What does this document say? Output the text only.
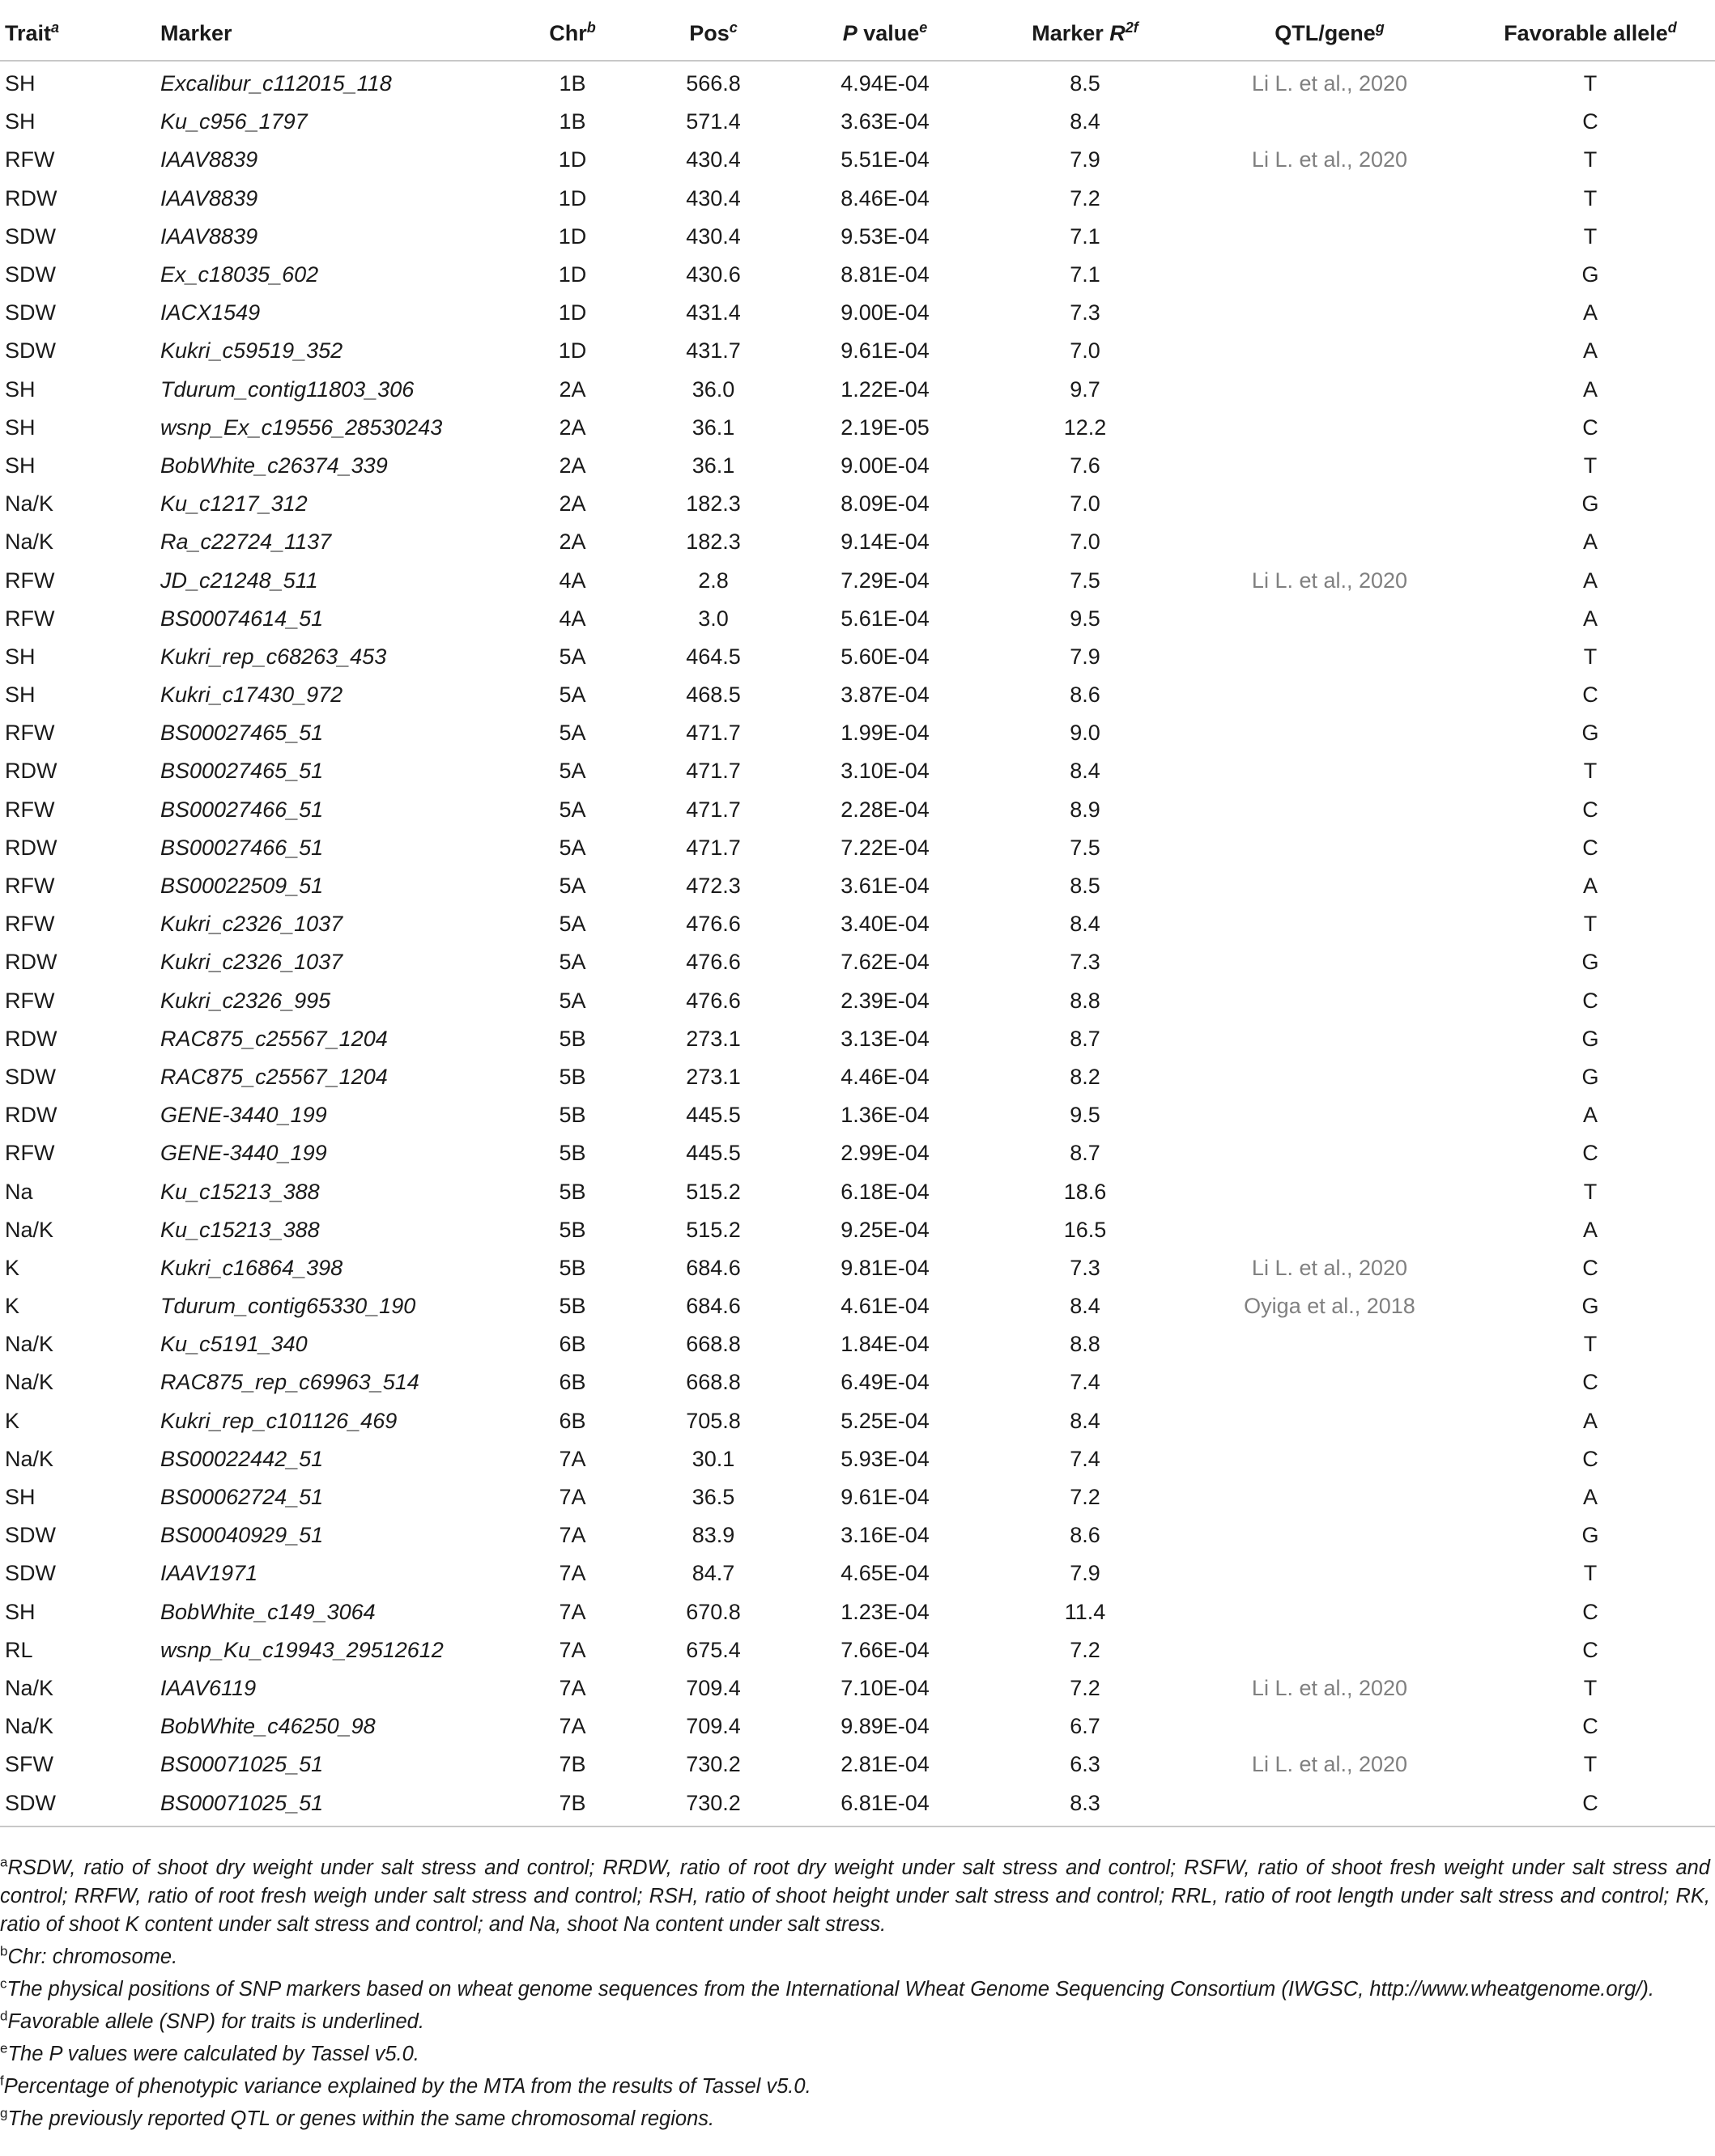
Trait$^a$	Marker	Chr$^b$	Pos$^c$	P value$^e$	Marker $R^{2f}$	QTL/gene$^g$	Favorable allele$^d$
SH	Excalibur_c112015_118	1B	566.8	4.94E-04	8.5	Li L. et al., 2020	T
SH	Ku_c956_1797	1B	571.4	3.63E-04	8.4		C
RFW	IAAV8839	1D	430.4	5.51E-04	7.9	Li L. et al., 2020	T
RDW	IAAV8839	1D	430.4	8.46E-04	7.2		T
SDW	IAAV8839	1D	430.4	9.53E-04	7.1		T
SDW	Ex_c18035_602	1D	430.6	8.81E-04	7.1		G
SDW	IACX1549	1D	431.4	9.00E-04	7.3		A
SDW	Kukri_c59519_352	1D	431.7	9.61E-04	7.0		A
SH	Tdurum_contig11803_306	2A	36.0	1.22E-04	9.7		A
SH	wsnp_Ex_c19556_28530243	2A	36.1	2.19E-05	12.2		C
SH	BobWhite_c26374_339	2A	36.1	9.00E-04	7.6		T
Na/K	Ku_c1217_312	2A	182.3	8.09E-04	7.0		G
Na/K	Ra_c22724_1137	2A	182.3	9.14E-04	7.0		A
RFW	JD_c21248_511	4A	2.8	7.29E-04	7.5	Li L. et al., 2020	A
RFW	BS00074614_51	4A	3.0	5.61E-04	9.5		A
SH	Kukri_rep_c68263_453	5A	464.5	5.60E-04	7.9		T
SH	Kukri_c17430_972	5A	468.5	3.87E-04	8.6		C
RFW	BS00027465_51	5A	471.7	1.99E-04	9.0		G
RDW	BS00027465_51	5A	471.7	3.10E-04	8.4		T
RFW	BS00027466_51	5A	471.7	2.28E-04	8.9		C
RDW	BS00027466_51	5A	471.7	7.22E-04	7.5		C
RFW	BS00022509_51	5A	472.3	3.61E-04	8.5		A
RFW	Kukri_c2326_1037	5A	476.6	3.40E-04	8.4		T
RDW	Kukri_c2326_1037	5A	476.6	7.62E-04	7.3		G
RFW	Kukri_c2326_995	5A	476.6	2.39E-04	8.8		C
RDW	RAC875_c25567_1204	5B	273.1	3.13E-04	8.7		G
SDW	RAC875_c25567_1204	5B	273.1	4.46E-04	8.2		G
RDW	GENE-3440_199	5B	445.5	1.36E-04	9.5		A
RFW	GENE-3440_199	5B	445.5	2.99E-04	8.7		C
Na	Ku_c15213_388	5B	515.2	6.18E-04	18.6		T
Na/K	Ku_c15213_388	5B	515.2	9.25E-04	16.5		A
K	Kukri_c16864_398	5B	684.6	9.81E-04	7.3	Li L. et al., 2020	C
K	Tdurum_contig65330_190	5B	684.6	4.61E-04	8.4	Oyiga et al., 2018	G
Na/K	Ku_c5191_340	6B	668.8	1.84E-04	8.8		T
Na/K	RAC875_rep_c69963_514	6B	668.8	6.49E-04	7.4		C
K	Kukri_rep_c101126_469	6B	705.8	5.25E-04	8.4		A
Na/K	BS00022442_51	7A	30.1	5.93E-04	7.4		C
SH	BS00062724_51	7A	36.5	9.61E-04	7.2		A
SDW	BS00040929_51	7A	83.9	3.16E-04	8.6		G
SDW	IAAV1971	7A	84.7	4.65E-04	7.9		T
SH	BobWhite_c149_3064	7A	670.8	1.23E-04	11.4		C
RL	wsnp_Ku_c19943_29512612	7A	675.4	7.66E-04	7.2		C
Na/K	IAAV6119	7A	709.4	7.10E-04	7.2	Li L. et al., 2020	T
Na/K	BobWhite_c46250_98	7A	709.4	9.89E-04	6.7		C
SFW	BS00071025_51	7B	730.2	2.81E-04	6.3	Li L. et al., 2020	T
SDW	BS00071025_51	7B	730.2	6.81E-04	8.3		C

$^a$RSDW, ratio of shoot dry weight under salt stress and control; RRDW, ratio of root dry weight under salt stress and control; RSFW, ratio of shoot fresh weight under salt stress and control; RRFW, ratio of root fresh weigh under salt stress and control; RSH, ratio of shoot height under salt stress and control; RRL, ratio of root length under salt stress and control; RK, ratio of shoot K content under salt stress and control; and Na, shoot Na content under salt stress.

$^b$Chr: chromosome.

$^c$The physical positions of SNP markers based on wheat genome sequences from the International Wheat Genome Sequencing Consortium (IWGSC, http://www.wheatgenome.org/).

$^d$Favorable allele (SNP) for traits is underlined.

$^e$The P values were calculated by Tassel v5.0.

$^f$Percentage of phenotypic variance explained by the MTA from the results of Tassel v5.0.

$^g$The previously reported QTL or genes within the same chromosomal regions.
